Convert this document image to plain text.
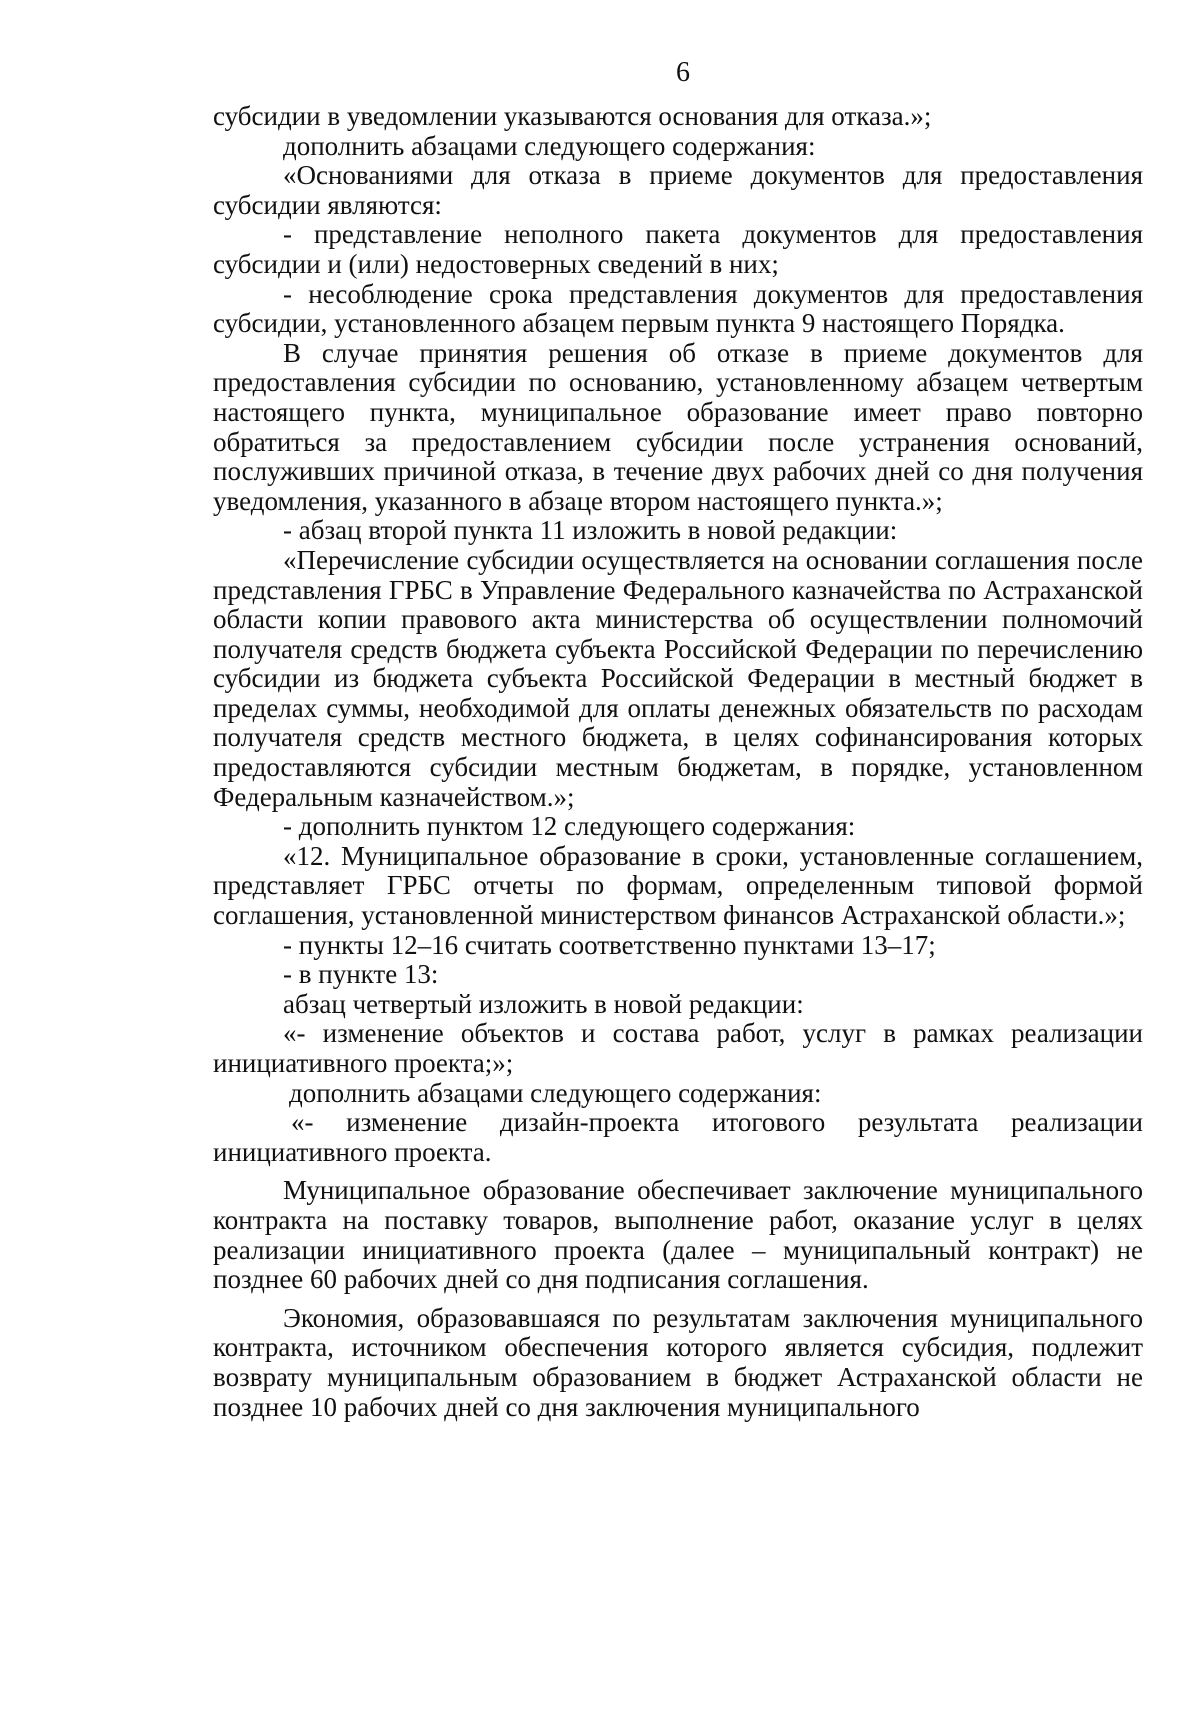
6

субсидии в уведомлении указываются основания для отказа.»;

дополнить абзацами следующего содержания:

«Основаниями для отказа в приеме документов для предоставления субсидии являются:

- представление неполного пакета документов для предоставления субсидии и (или) недостоверных сведений в них;

- несоблюдение срока представления документов для предоставления субсидии, установленного абзацем первым пункта 9 настоящего Порядка.

В случае принятия решения об отказе в приеме документов для предоставления субсидии по основанию, установленному абзацем четвертым настоящего пункта, муниципальное образование имеет право повторно обратиться за предоставлением субсидии после устранения оснований, послуживших причиной отказа, в течение двух рабочих дней со дня получения уведомления, указанного в абзаце втором настоящего пункта.»;

- абзац второй пункта 11 изложить в новой редакции:

«Перечисление субсидии осуществляется на основании соглашения после представления ГРБС в Управление Федерального казначейства по Астраханской области копии правового акта министерства об осуществлении полномочий получателя средств бюджета субъекта Российской Федерации по перечислению субсидии из бюджета субъекта Российской Федерации в местный бюджет в пределах суммы, необходимой для оплаты денежных обязательств по расходам получателя средств местного бюджета, в целях софинансирования которых предоставляются субсидии местным бюджетам, в порядке, установленном Федеральным казначейством.»;

- дополнить пунктом 12 следующего содержания:

«12. Муниципальное образование в сроки, установленные соглашением, представляет ГРБС отчеты по формам, определенным типовой формой соглашения, установленной министерством финансов Астраханской области.»;

- пункты 12–16 считать соответственно пунктами 13–17;

- в пункте 13:

абзац четвертый изложить в новой редакции:

«- изменение объектов и состава работ, услуг в рамках реализации инициативного проекта;»;

дополнить абзацами следующего содержания:

«- изменение дизайн-проекта итогового результата реализации инициативного проекта.

Муниципальное образование обеспечивает заключение муниципального контракта на поставку товаров, выполнение работ, оказание услуг в целях реализации инициативного проекта (далее – муниципальный контракт) не позднее 60 рабочих дней со дня подписания соглашения.

Экономия, образовавшаяся по результатам заключения муниципального контракта, источником обеспечения которого является субсидия, подлежит возврату муниципальным образованием в бюджет Астраханской области не позднее 10 рабочих дней со дня заключения муниципального
